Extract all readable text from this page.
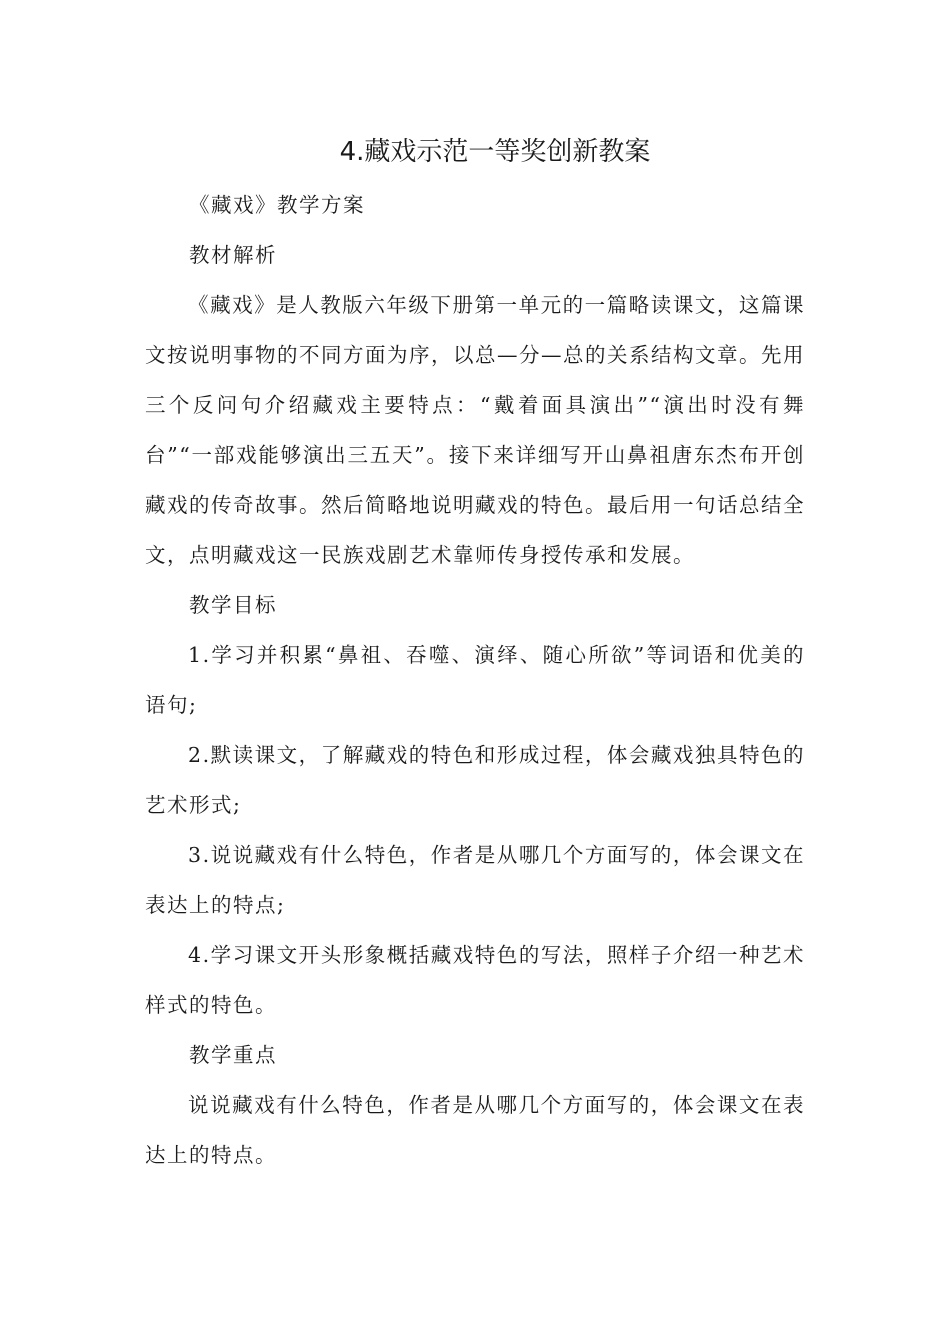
4.藏戏示范一等奖创新教案

《藏戏》教学方案

教材解析

《藏戏》是人教版六年级下册第一单元的一篇略读课文，这篇课文按说明事物的不同方面为序，以总—分—总的关系结构文章。先用三个反问句介绍藏戏主要特点：“戴着面具演出”“演出时没有舞台”“一部戏能够演出三五天”。接下来详细写开山鼻祖唐东杰布开创藏戏的传奇故事。然后简略地说明藏戏的特色。最后用一句话总结全文，点明藏戏这一民族戏剧艺术靠师传身授传承和发展。

教学目标

1.学习并积累“鼻祖、吞噬、演绎、随心所欲”等词语和优美的语句;

2.默读课文，了解藏戏的特色和形成过程，体会藏戏独具特色的艺术形式;

3.说说藏戏有什么特色，作者是从哪几个方面写的，体会课文在表达上的特点;

4.学习课文开头形象概括藏戏特色的写法，照样子介绍一种艺术样式的特色。

教学重点

说说藏戏有什么特色，作者是从哪几个方面写的，体会课文在表达上的特点。
